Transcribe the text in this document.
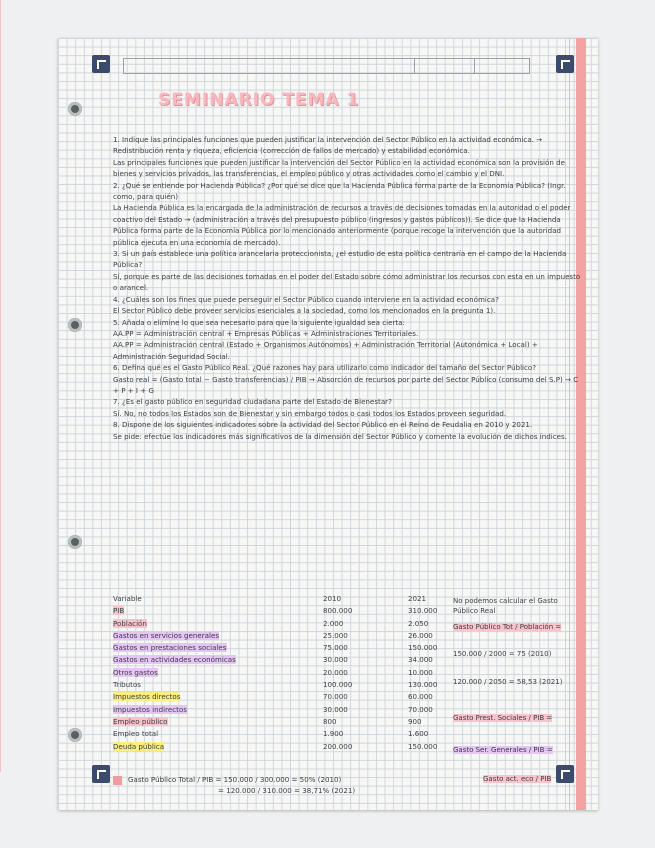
SEMINARIO TEMA 1

1. Indique las principales funciones que pueden justificar la intervención del Sector Público en la actividad económica. → Redistribución renta y riqueza, eficiencia (corrección de fallos de mercado) y estabilidad económica.

Las principales funciones que pueden justificar la intervención del Sector Público en la actividad económica son la provisión de bienes y servicios privados, las transferencias, el empleo público y otras actividades como el cambio y el DNI.

2. ¿Qué se entiende por Hacienda Pública? ¿Por qué se dice que la Hacienda Pública forma parte de la Economía Pública? (Ingr. como, para quién)

La Hacienda Pública es la encargada de la administración de recursos a través de decisiones tomadas en la autoridad o el poder coactivo del Estado → (administración a través del presupuesto público (ingresos y gastos públicos)). Se dice que la Hacienda Pública forma parte de la Economía Pública por lo mencionado anteriormente (porque recoge la intervención que la autoridad pública ejecuta en una economía de mercado).

3. Si un país establece una política arancelaria proteccionista, ¿el estudio de esta política centraría en el campo de la Hacienda Pública?

Sí, porque es parte de las decisiones tomadas en el poder del Estado sobre cómo administrar los recursos con esta en un impuesto o arancel.

4. ¿Cuáles son los fines que puede perseguir el Sector Público cuando interviene en la actividad económica?

El Sector Público debe proveer servicios esenciales a la sociedad, como los mencionados en la pregunta 1).

5. Añada o elimine lo que sea necesario para que la siguiente igualdad sea cierta:

AA.PP = Administración central + Empresas Públicas + Administraciones Territoriales.

AA.PP = Administración central (Estado + Organismos Autónomos) + Administración Territorial (Autonómica + Local) + Administración Seguridad Social.

6. Defina qué es el Gasto Público Real. ¿Qué razones hay para utilizarlo como indicador del tamaño del Sector Público?

Gasto real = (Gasto total − Gasto transferencias) / PIB → Absorción de recursos por parte del Sector Público (consumo del S.P) → C + P + I + G

7. ¿Es el gasto público en seguridad ciudadana parte del Estado de Bienestar?

Sí. No, no todos los Estados son de Bienestar y sin embargo todos o casi todos los Estados proveen seguridad.

8. Dispone de los siguientes indicadores sobre la actividad del Sector Público en el Reino de Feudalia en 2010 y 2021.

Se pide: efectúe los indicadores más significativos de la dimensión del Sector Público y comente la evolución de dichos índices.

Variable	2010	2021
PIB	800.000	310.000
Población	2.000	2.050
Gastos en servicios generales	25.000	26.000
Gastos en prestaciones sociales	75.000	150.000
Gastos en actividades económicas	30.000	34.000
Otros gastos	20.000	10.000
Tributos	100.000	130.000
Impuestos directos	70.000	60.000
Impuestos indirectos	30.000	70.000
Empleo público	800	900
Empleo total	1.900	1.600
Deuda pública	200.000	150.000
No podemos calcular el Gasto Público Real
Gasto Público Tot / Población =
150.000 / 2000 = 75 (2010)
120.000 / 2050 = 58,53 (2021)
Gasto Prest. Sociales / PIB =
Gasto Ser. Generales / PIB =
Gasto Público Total / PIB = 150.000 / 300.000 = 50% (2010)
= 120.000 / 310.000 = 38,71% (2021)
Gasto act. eco / PIB
